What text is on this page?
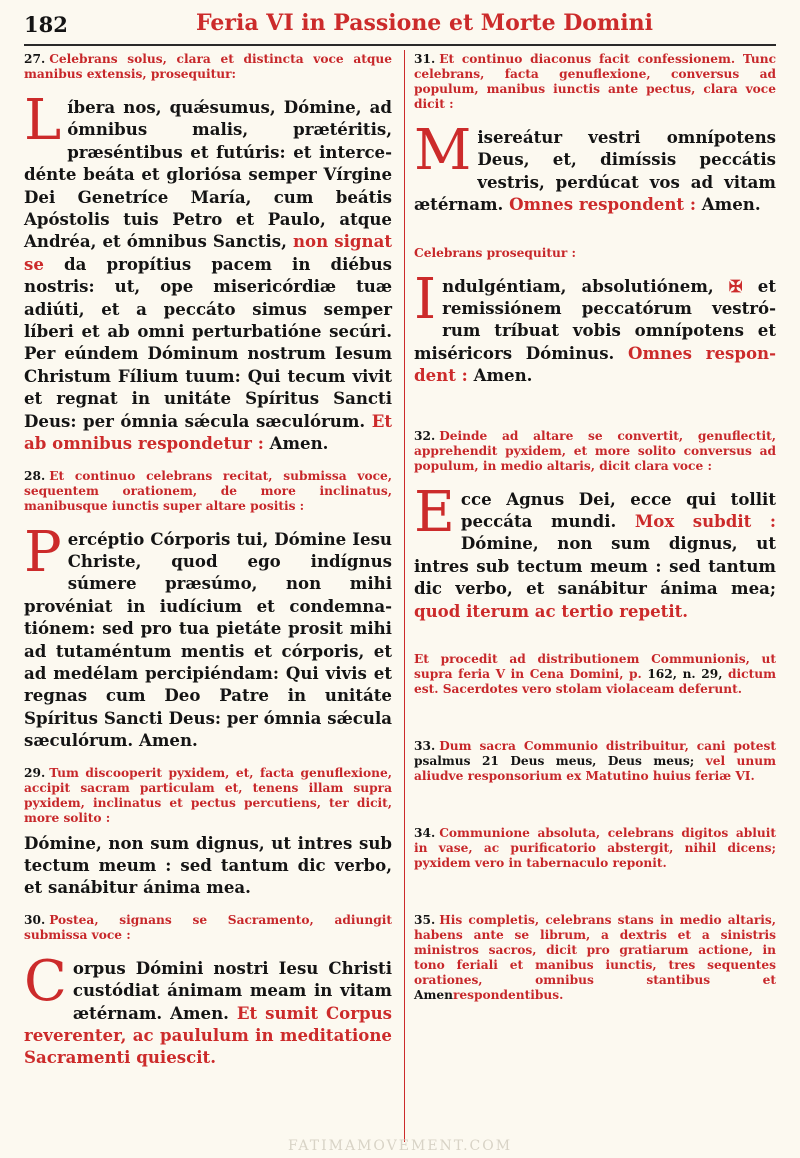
182	Feria VI in Passione et Morte Domini

27. Celebrans solus, clara et distincta voce atque manibus extensis, prosequitur:

Líbera nos, quǽsumus, Dómine, ad ómnibus malis, prætéritis, præséntibus et futúris: et intercedénte beáta et gloriósa semper Vírgine Dei Genetríce María, cum beátis Apóstolis tuis Petro et Paulo, atque Andréa, et ómnibus Sanctis, non signat se da propítius pacem in diébus nostris: ut, ope misericórdiæ tuæ adiúti, et a peccáto simus semper líberi et ab omni perturbatióne secúri. Per eúndem Dóminum nostrum Iesum Christum Fílium tuum: Qui tecum vivit et regnat in unitáte Spíritus Sancti Deus: per ómnia sǽcula sæculórum. Et ab omnibus respondetur : Amen.

28. Et continuo celebrans recitat, submissa voce, sequentem orationem, de more inclinatus, manibusque iunctis super altare positis :

Percéptio Córporis tui, Dómine Iesu Christe, quod ego indígnus súmere præsúmo, non mihi provéniat in iudícium et condemnatiónem: sed pro tua pietáte prosit mihi ad tutaméntum mentis et córporis, et ad medélam percipiéndam: Qui vivis et regnas cum Deo Patre in unitáte Spíritus Sancti Deus: per ómnia sǽcula sæculórum. Amen.

29. Tum discooperit pyxidem, et, facta genuflexione, accipit sacram particulam et, tenens illam supra pyxidem, inclinatus et pectus percutiens, ter dicit, more solito :

Dómine, non sum dignus, ut intres sub tectum meum : sed tantum dic verbo, et sanábitur ánima mea.

30. Postea, signans se Sacramento, adiungit submissa voce :

Corpus Dómini nostri Iesu Christi custódiat ánimam meam in vitam ætérnam. Amen. Et sumit Corpus reverenter, ac paululum in meditatione Sacramenti quiescit.

31. Et continuo diaconus facit confessionem. Tunc celebrans, facta genuflexione, conversus ad populum, manibus iunctis ante pectus, clara voce dicit :

Misereátur vestri omnípotens Deus, et, dimíssis peccátis vestris, perdúcat vos ad vitam ætérnam. Omnes respondent : Amen.

Celebrans prosequitur :

Indulgéntiam, absolutiónem, ✠ et remissiónem peccatórum vestrórum tríbuat vobis omnípotens et miséricors Dóminus. Omnes respondent : Amen.

32. Deinde ad altare se convertit, genuflectit, apprehendit pyxidem, et more solito conversus ad populum, in medio altaris, dicit clara voce :

Ecce Agnus Dei, ecce qui tollit peccáta mundi. Mox subdit : Dómine, non sum dignus, ut intres sub tectum meum : sed tantum dic verbo, et sanábitur ánima mea; quod iterum ac tertio repetit.

Et procedit ad distributionem Communionis, ut supra feria V in Cena Domini, p. 162, n. 29, dictum est. Sacerdotes vero stolam violaceam deferunt.

33. Dum sacra Communio distribuitur, cani potest psalmus 21 Deus meus, Deus meus; vel unum aliudve responsorium ex Matutino huius feriæ VI.

34. Communione absoluta, celebrans digitos abluit in vase, ac purificatorio abstergit, nihil dicens; pyxidem vero in tabernaculo reponit.

35. His completis, celebrans stans in medio altaris, habens ante se librum, a dextris et a sinistris ministros sacros, dicit pro gratiarum actione, in tono feriali et manibus iunctis, tres sequentes orationes, omnibus stantibus et Amenrespondentibus.

FATIMAMOVEMENT.COM
